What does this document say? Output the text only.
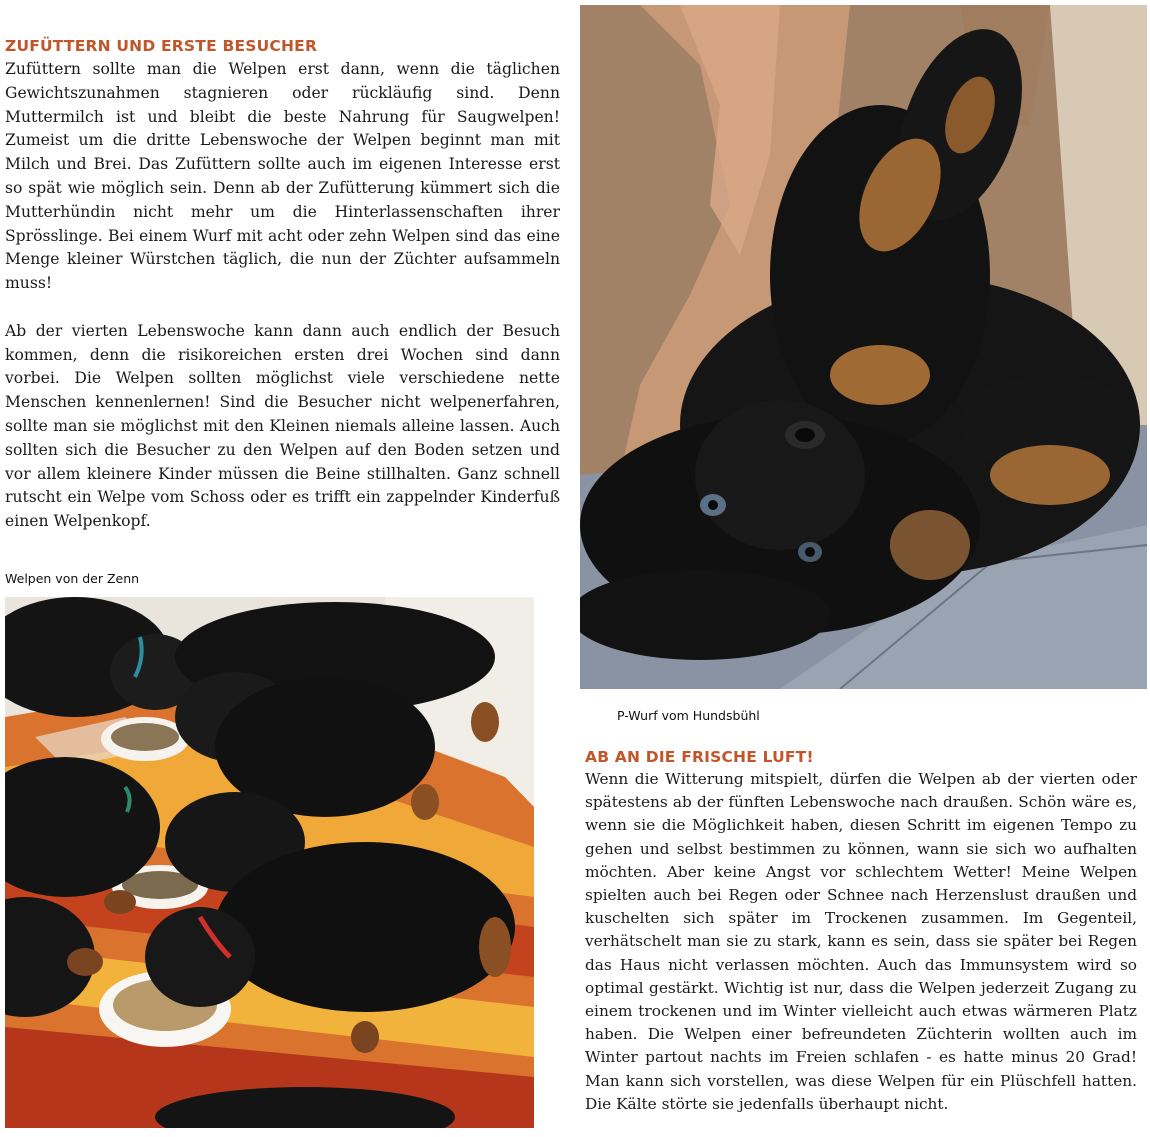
ZUFÜTTERN UND ERSTE BESUCHER

Zufüttern sollte man die Welpen erst dann, wenn die täglichen Gewichtszunahmen stagnieren oder rückläufig sind. Denn Muttermilch ist und bleibt die beste Nahrung für Saugwelpen! Zumeist um die dritte Lebenswoche der Welpen beginnt man mit Milch und Brei. Das Zufüttern sollte auch im eigenen Interesse erst so spät wie möglich sein. Denn ab der Zufütterung kümmert sich die Mutterhündin nicht mehr um die Hinterlassenschaften ihrer Sprösslinge. Bei einem Wurf mit acht oder zehn Welpen sind das eine Menge kleiner Würstchen täglich, die nun der Züchter aufsammeln muss!

Ab der vierten Lebenswoche kann dann auch endlich der Besuch kommen, denn die risikoreichen ersten drei Wochen sind dann vorbei. Die Welpen sollten möglichst viele verschiedene nette Menschen kennenlernen! Sind die Besucher nicht welpenerfahren, sollte man sie möglichst mit den Kleinen niemals alleine lassen. Auch sollten sich die Besucher zu den Welpen auf den Boden setzen und vor allem kleinere Kinder müssen die Beine stillhalten. Ganz schnell rutscht ein Welpe vom Schoss oder es trifft ein zappelnder Kinderfuß einen Welpenkopf.

Welpen von der Zenn
P-Wurf vom Hundsbühl
AB AN DIE FRISCHE LUFT!

Wenn die Witterung mitspielt, dürfen die Welpen ab der vierten oder spätestens ab der fünften Lebenswoche nach draußen. Schön wäre es, wenn sie die Möglichkeit haben, diesen Schritt im eigenen Tempo zu gehen und selbst bestimmen zu können, wann sie sich wo aufhalten möchten. Aber keine Angst vor schlechtem Wetter! Meine Welpen spielten auch bei Regen oder Schnee nach Herzenslust draußen und kuschelten sich später im Trockenen zusammen. Im Gegenteil, verhätschelt man sie zu stark, kann es sein, dass sie später bei Regen das Haus nicht verlassen möchten. Auch das Immunsystem wird so optimal gestärkt. Wichtig ist nur, dass die Welpen jederzeit Zugang zu einem trockenen und im Winter vielleicht auch etwas wärmeren Platz haben. Die Welpen einer befreundeten Züchterin wollten auch im Winter partout nachts im Freien schlafen - es hatte minus 20 Grad! Man kann sich vorstellen, was diese Welpen für ein Plüschfell hatten. Die Kälte störte sie jedenfalls überhaupt nicht.
